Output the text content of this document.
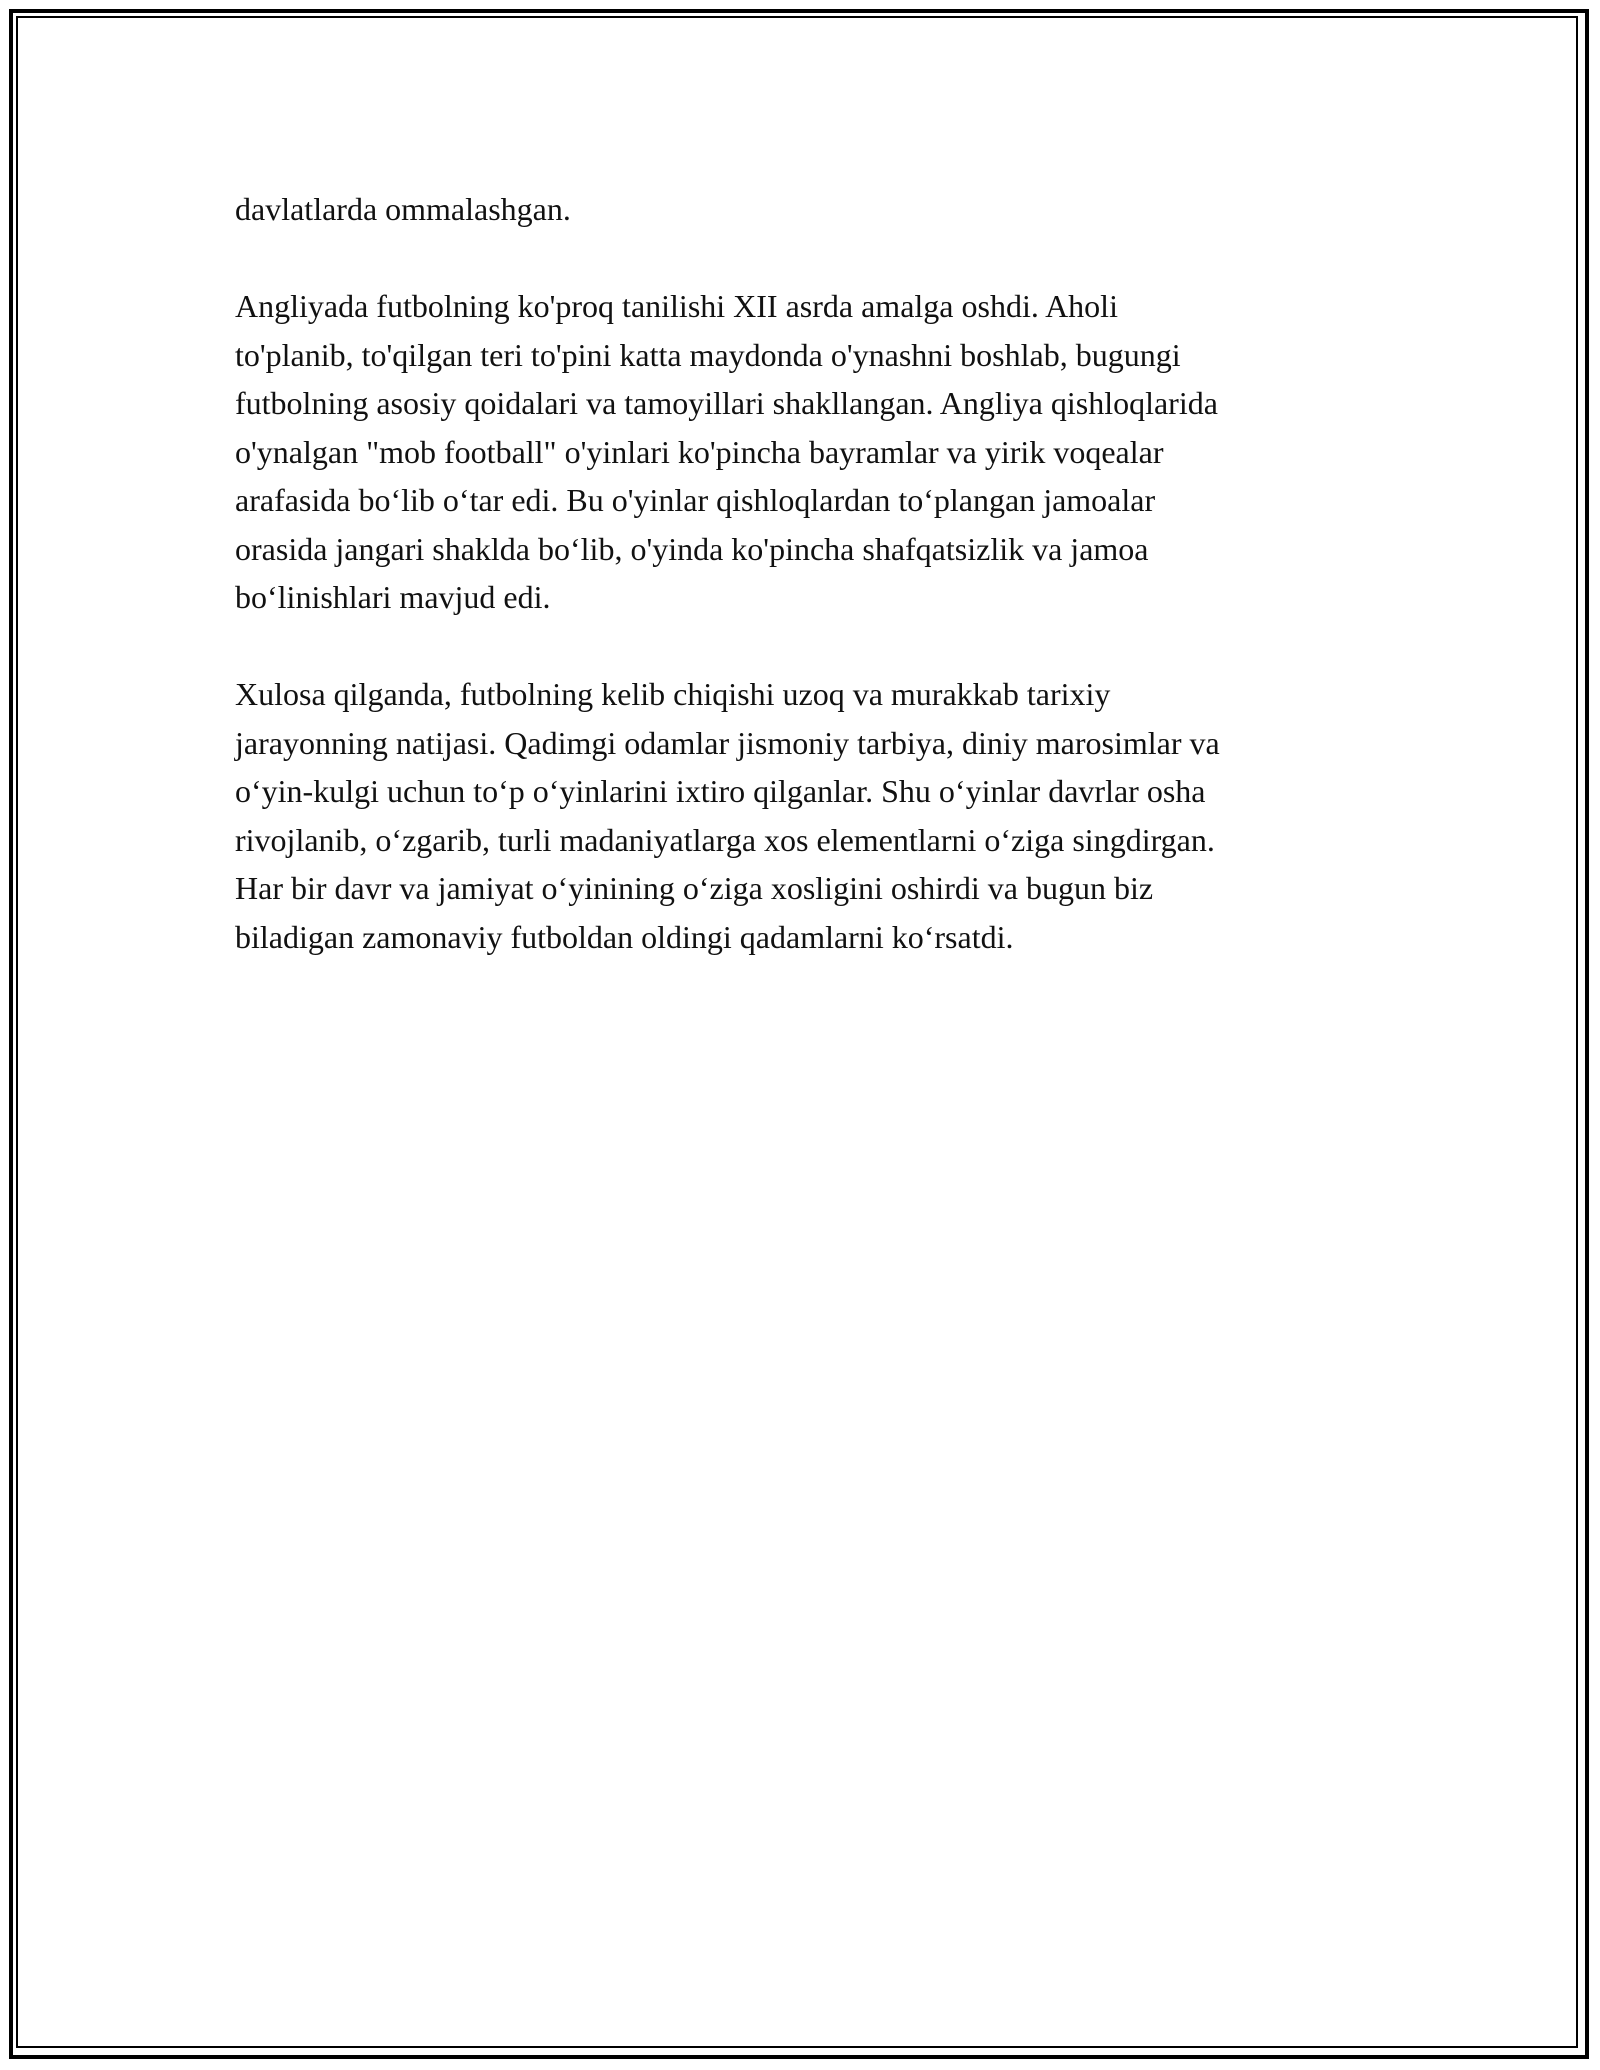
davlatlarda ommalashgan.

Angliyada futbolning ko'proq tanilishi XII asrda amalga oshdi. Aholi
to'planib, to'qilgan teri to'pini katta maydonda o'ynashni boshlab, bugungi
futbolning asosiy qoidalari va tamoyillari shakllangan. Angliya qishloqlarida
o'ynalgan "mob football" o'yinlari ko'pincha bayramlar va yirik voqealar
arafasida bo‘lib o‘tar edi. Bu o'yinlar qishloqlardan to‘plangan jamoalar
orasida jangari shaklda bo‘lib, o'yinda ko'pincha shafqatsizlik va jamoa
bo‘linishlari mavjud edi.

Xulosa qilganda, futbolning kelib chiqishi uzoq va murakkab tarixiy
jarayonning natijasi. Qadimgi odamlar jismoniy tarbiya, diniy marosimlar va
o‘yin-kulgi uchun to‘p o‘yinlarini ixtiro qilganlar. Shu o‘yinlar davrlar osha
rivojlanib, o‘zgarib, turli madaniyatlarga xos elementlarni o‘ziga singdirgan.
Har bir davr va jamiyat o‘yinining o‘ziga xosligini oshirdi va bugun biz
biladigan zamonaviy futboldan oldingi qadamlarni ko‘rsatdi.
